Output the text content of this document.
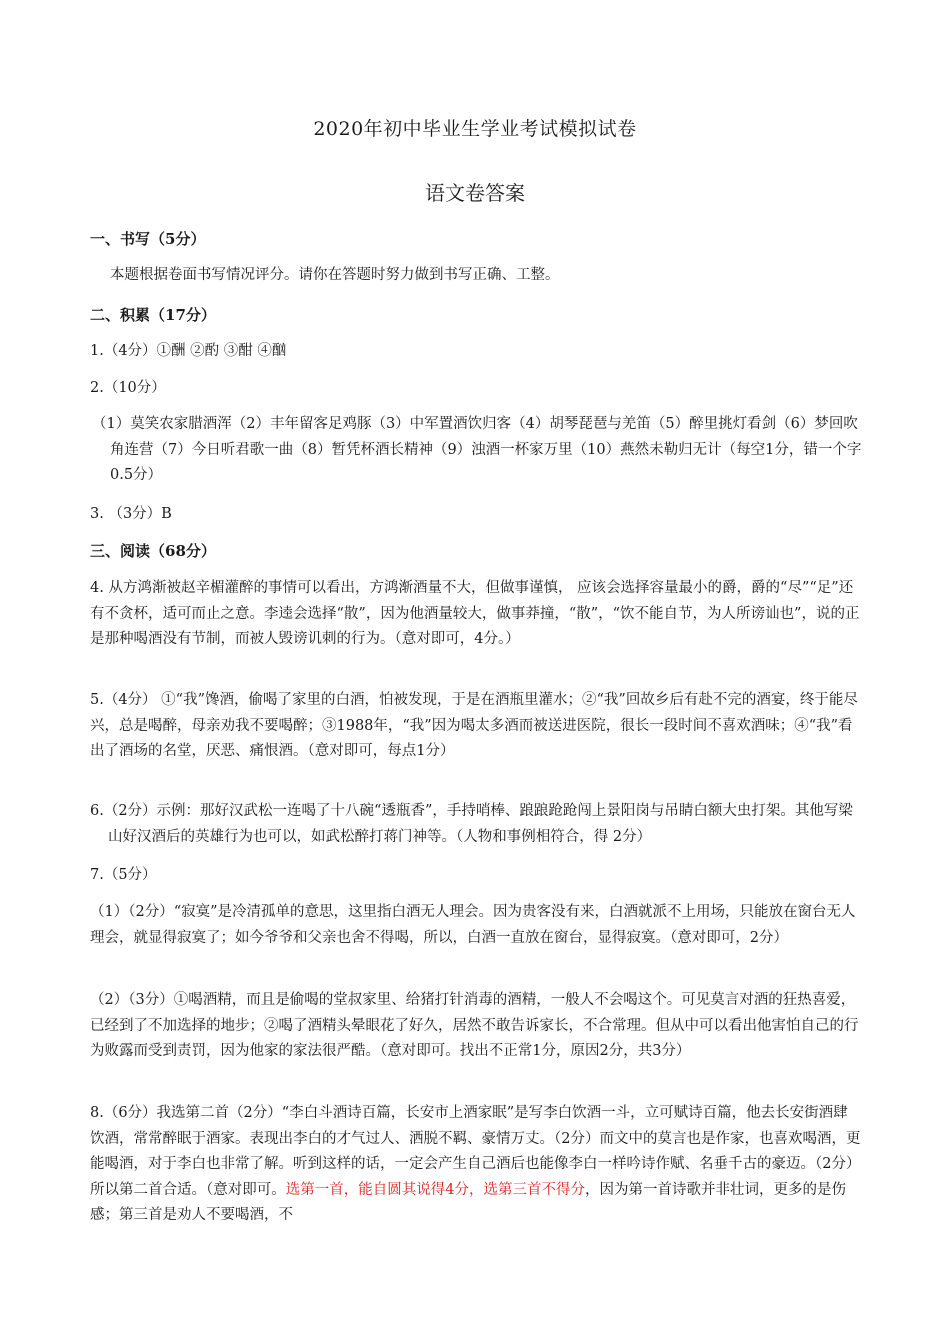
2020年初中毕业生学业考试模拟试卷
语文卷答案
一、书写（5分）
本题根据卷面书写情况评分。请你在答题时努力做到书写正确、工整。
二、积累（17分）
1.（4分）①酬 ②酌 ③酣 ④酗
2.（10分）
（1）莫笑农家腊酒浑（2）丰年留客足鸡豚（3）中军置酒饮归客（4）胡琴琵琶与羌笛（5）醉里挑灯看剑（6）梦回吹角连营（7）今日听君歌一曲（8）暂凭杯酒长精神（9）浊酒一杯家万里（10）燕然未勒归无计（每空1分，错一个字0.5分）
3. （3分）B
三、阅读（68分）
4. 从方鸿渐被赵辛楣灌醉的事情可以看出，方鸿渐酒量不大，但做事谨慎， 应该会选择容量最小的爵，爵的“尽”“足”还有不贪杯，适可而止之意。李逵会选择“散”，因为他酒量较大，做事莽撞，“散”，“饮不能自节，为人所谤讪也”，说的正是那种喝酒没有节制，而被人毁谤讥刺的行为。（意对即可，4分。）
5.（4分） ①“我”馋酒，偷喝了家里的白酒，怕被发现，于是在酒瓶里灌水；②“我”回故乡后有赴不完的酒宴，终于能尽兴，总是喝醉，母亲劝我不要喝醉；③1988年，“我”因为喝太多酒而被送进医院，很长一段时间不喜欢酒味；④“我”看出了酒场的名堂，厌恶、痛恨酒。（意对即可，每点1分）
6.（2分）示例：那好汉武松一连喝了十八碗“透瓶香”，手持哨棒、踉踉跄跄闯上景阳岗与吊睛白额大虫打架。其他写梁山好汉酒后的英雄行为也可以，如武松醉打蒋门神等。（人物和事例相符合，得 2分）
7.（5分）
（1）（2分）“寂寞”是冷清孤单的意思，这里指白酒无人理会。因为贵客没有来，白酒就派不上用场，只能放在窗台无人理会，就显得寂寞了；如今爷爷和父亲也舍不得喝，所以，白酒一直放在窗台，显得寂寞。（意对即可，2分）
（2）（3分）①喝酒精，而且是偷喝的堂叔家里、给猪打针消毒的酒精，一般人不会喝这个。可见莫言对酒的狂热喜爱，已经到了不加选择的地步；②喝了酒精头晕眼花了好久，居然不敢告诉家长，不合常理。但从中可以看出他害怕自己的行为败露而受到责罚，因为他家的家法很严酷。（意对即可。找出不正常1分，原因2分，共3分）
8.（6分）我选第二首（2分）“李白斗酒诗百篇，长安市上酒家眠”是写李白饮酒一斗，立可赋诗百篇，他去长安街酒肆饮酒，常常醉眠于酒家。表现出李白的才气过人、洒脱不羁、豪情万丈。（2分）而文中的莫言也是作家，也喜欢喝酒，更能喝酒，对于李白也非常了解。听到这样的话，一定会产生自己酒后也能像李白一样吟诗作赋、名垂千古的豪迈。（2分）所以第二首合适。（意对即可。选第一首，能自圆其说得4分，选第三首不得分，因为第一首诗歌并非壮词，更多的是伤感；第三首是劝人不要喝酒，不
